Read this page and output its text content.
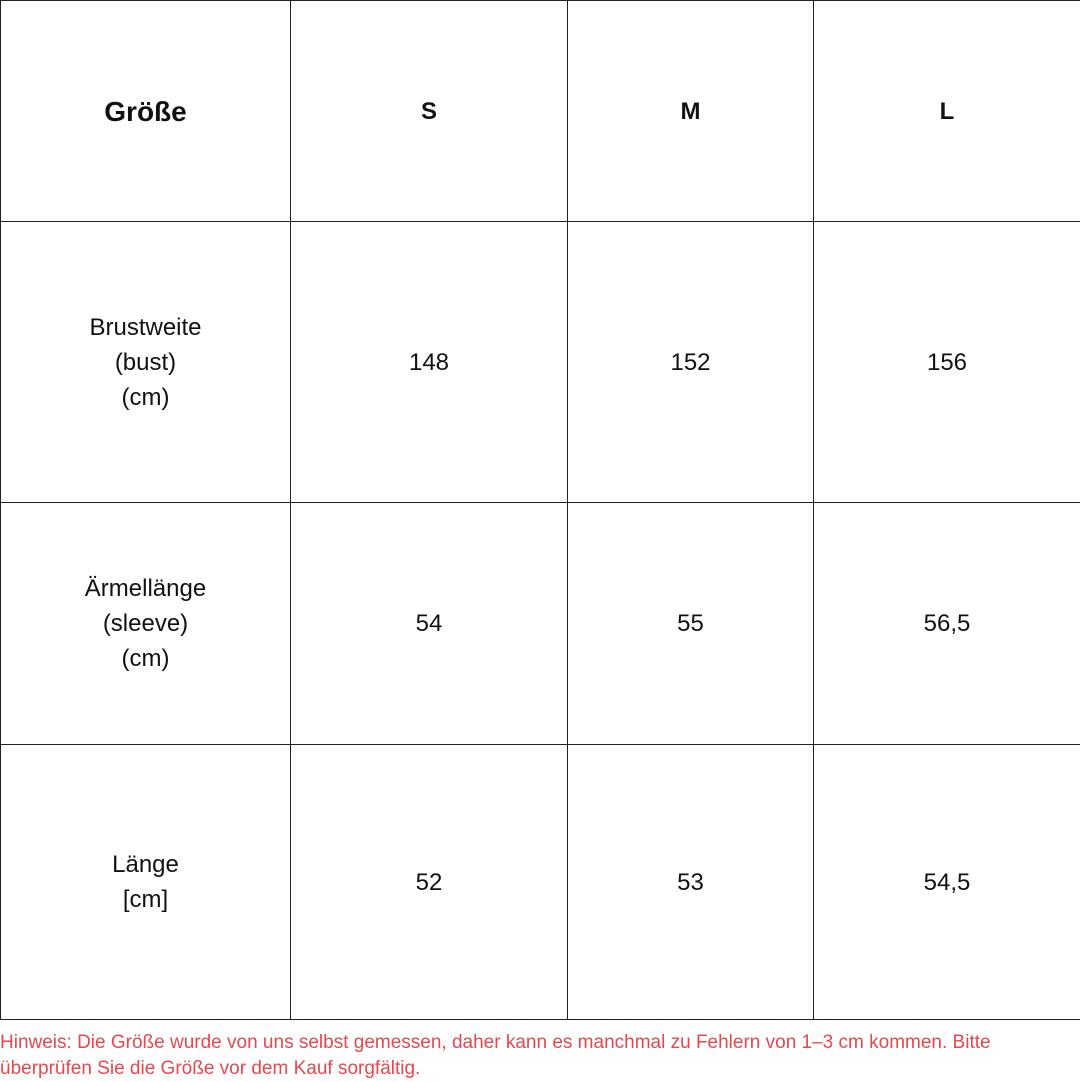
Größe	S	M	L

Brustweite
(bust)
(cm)	148	152	156

Ärmellänge
(sleeve)
(cm)	54	55	56,5

Länge
[cm]	52	53	54,5

Hinweis: Die Größe wurde von uns selbst gemessen, daher kann es manchmal zu Fehlern von 1–3 cm kommen. Bitte überprüfen Sie die Größe vor dem Kauf sorgfältig.
